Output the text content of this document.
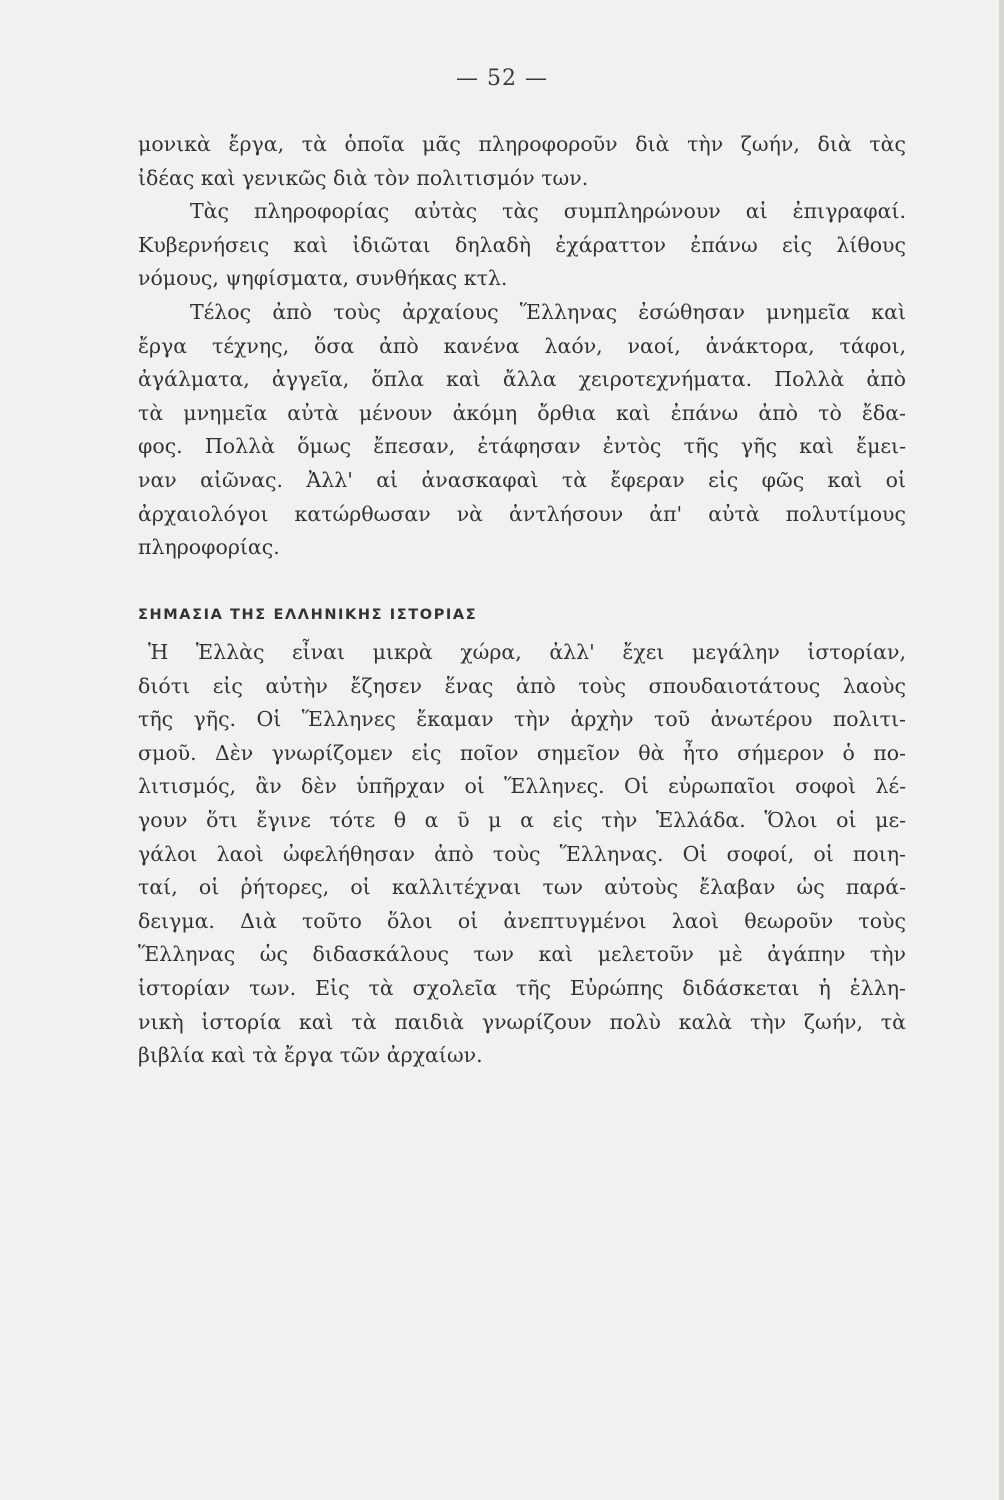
— 52 —
μονικὰ ἔργα, τὰ ὁποῖα μᾶς πληροφοροῦν διὰ τὴν ζωήν, διὰ τὰς
ἰδέας καὶ γενικῶς διὰ τὸν πολιτισμόν των.
Τὰς πληροφορίας αὐτὰς τὰς συμπληρώνουν αἱ ἐπιγραφαί.
Κυβερνήσεις καὶ ἰδιῶται δηλαδὴ ἐχάραττον ἐπάνω εἰς λίθους
νόμους, ψηφίσματα, συνθήκας κτλ.
Τέλος ἀπὸ τοὺς ἀρχαίους Ἕλληνας ἐσώθησαν μνημεῖα καὶ
ἔργα τέχνης, ὅσα ἀπὸ κανένα λαόν, ναοί, ἀνάκτορα, τάφοι,
ἀγάλματα, ἀγγεῖα, ὅπλα καὶ ἄλλα χειροτεχνήματα. Πολλὰ ἀπὸ
τὰ μνημεῖα αὐτὰ μένουν ἀκόμη ὄρθια καὶ ἐπάνω ἀπὸ τὸ ἔδα-
φος. Πολλὰ ὅμως ἔπεσαν, ἐτάφησαν ἐντὸς τῆς γῆς καὶ ἔμει-
ναν αἰῶνας. Ἀλλ' αἱ ἀνασκαφαὶ τὰ ἔφεραν εἰς φῶς καὶ οἱ
ἀρχαιολόγοι κατώρθωσαν νὰ ἀντλήσουν ἀπ' αὐτὰ πολυτίμους
πληροφορίας.
ΣΗΜΑΣΙΑ ΤΗΣ ΕΛΛΗΝΙΚΗΣ ΙΣΤΟΡΙΑΣ
Ἡ Ἑλλὰς εἶναι μικρὰ χώρα, ἀλλ' ἔχει μεγάλην ἱστορίαν,
διότι εἰς αὐτὴν ἔζησεν ἕνας ἀπὸ τοὺς σπουδαιοτάτους λαοὺς
τῆς γῆς. Οἱ Ἕλληνες ἔκαμαν τὴν ἀρχὴν τοῦ ἀνωτέρου πολιτι-
σμοῦ. Δὲν γνωρίζομεν εἰς ποῖον σημεῖον θὰ ἦτο σήμερον ὁ πο-
λιτισμός, ἂν δὲν ὑπῆρχαν οἱ Ἕλληνες. Οἱ εὐρωπαῖοι σοφοὶ λέ-
γουν ὅτι ἔγινε τότε θ α ῦ μ α εἰς τὴν Ἑλλάδα. Ὅλοι οἱ με-
γάλοι λαοὶ ὠφελήθησαν ἀπὸ τοὺς Ἕλληνας. Οἱ σοφοί, οἱ ποιη-
ταί, οἱ ῥήτορες, οἱ καλλιτέχναι των αὐτοὺς ἔλαβαν ὡς παρά-
δειγμα. Διὰ τοῦτο ὅλοι οἱ ἀνεπτυγμένοι λαοὶ θεωροῦν τοὺς
Ἕλληνας ὡς διδασκάλους των καὶ μελετοῦν μὲ ἀγάπην τὴν
ἱστορίαν των. Εἰς τὰ σχολεῖα τῆς Εὐρώπης διδάσκεται ἡ ἑλλη-
νικὴ ἱστορία καὶ τὰ παιδιὰ γνωρίζουν πολὺ καλὰ τὴν ζωήν, τὰ
βιβλία καὶ τὰ ἔργα τῶν ἀρχαίων.
